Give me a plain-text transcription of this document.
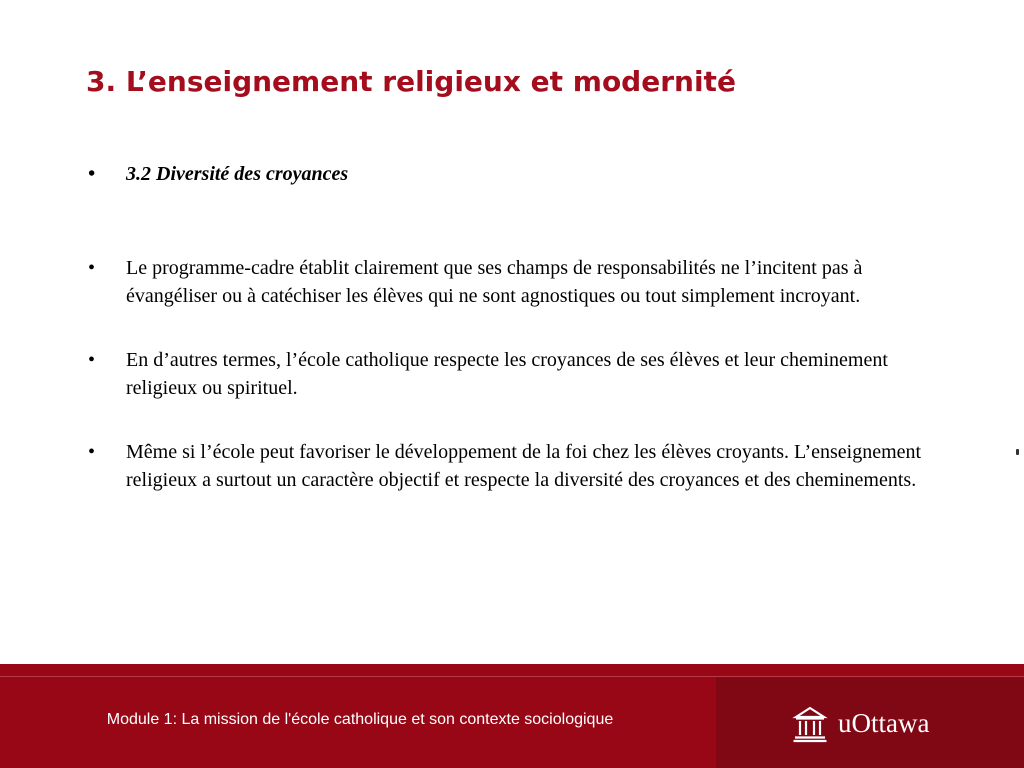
3. L’enseignement religieux et modernité
•	3.2 Diversité des croyances
•	Le programme-cadre établit clairement que ses champs de responsabilités ne l’incitent pas à évangéliser ou à catéchiser les élèves qui ne sont agnostiques ou tout simplement incroyant.
•	En d’autres termes, l’école catholique respecte les croyances de ses élèves et leur cheminement religieux ou spirituel.
•	Même si l’école peut favoriser le développement de la foi chez les élèves croyants. L’enseignement religieux a surtout un caractère objectif et respecte la diversité des croyances et des cheminements.
Module 1: La mission de l'école catholique et son contexte sociologique	uOttawa
